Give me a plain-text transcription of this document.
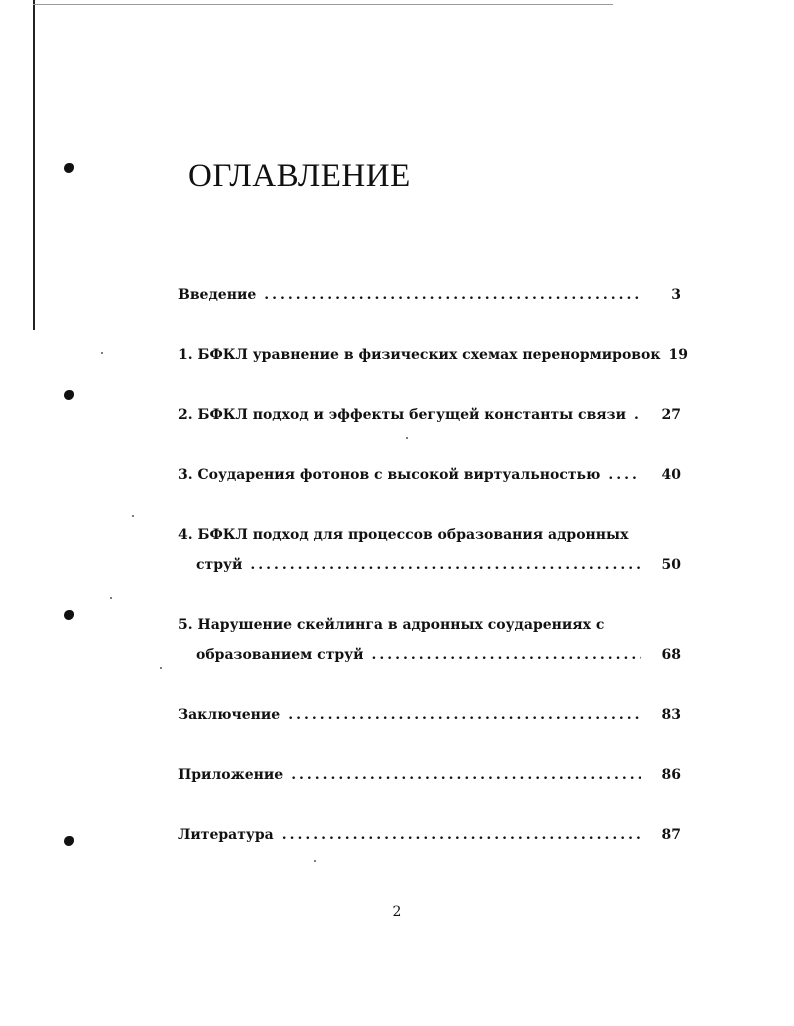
ОГЛАВЛЕНИЕ
Введение .....	3
1. БФКЛ уравнение в физических схемах перенормировок 19
2. БФКЛ подход и эффекты бегущей константы связи .....	27
3. Соударения фотонов с высокой виртуальностью .....	40
4. БФКЛ подход для процессов образования адронных
струй .....	50
5. Нарушение скейлинга в адронных соударениях с
образованием струй .....	68
Заключение .....	83
Приложение .....	86
Литература .....	87
2
